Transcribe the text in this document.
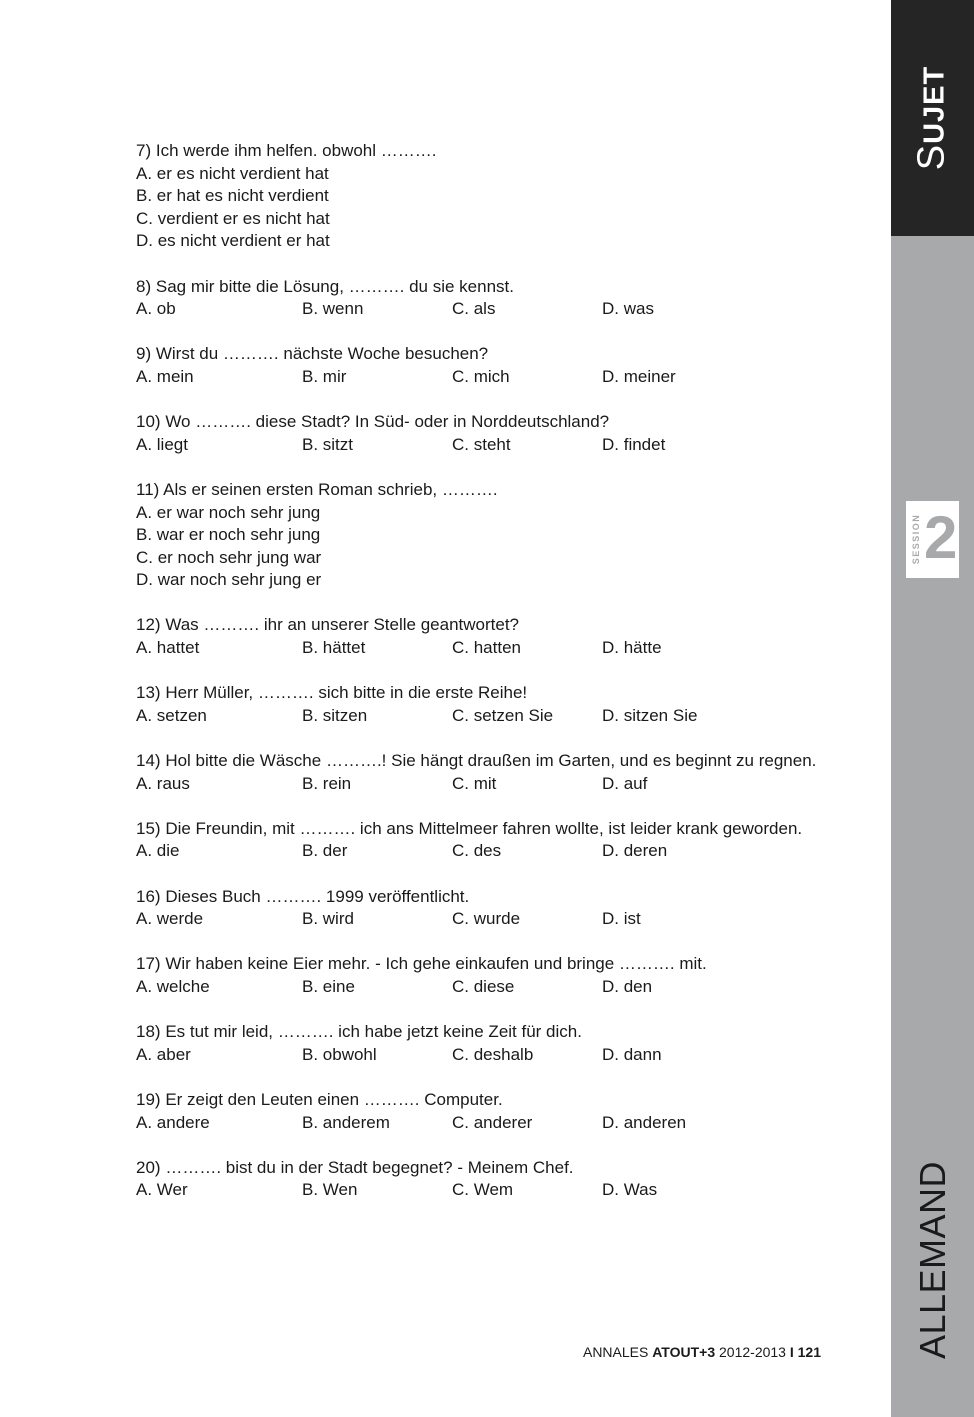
7) Ich werde ihm helfen. obwohl ……….
A. er es nicht verdient hat
B. er hat es nicht verdient
C. verdient er es nicht hat
D. es nicht verdient er hat
8) Sag mir bitte die Lösung, ………. du sie kennst.
A. ob	B. wenn	C. als	D. was
9) Wirst du ………. nächste Woche besuchen?
A. mein	B. mir	C. mich	D. meiner
10) Wo ………. diese Stadt? In Süd- oder in Norddeutschland?
A. liegt	B. sitzt	C. steht	D. findet
11) Als er seinen ersten Roman schrieb, ……….
A. er war noch sehr jung
B. war er noch sehr jung
C. er noch sehr jung war
D. war noch sehr jung er
12) Was ………. ihr an unserer Stelle geantwortet?
A. hattet	B. hättet	C. hatten	D. hätte
13) Herr Müller, ………. sich bitte in die erste Reihe!
A. setzen	B. sitzen	C. setzen Sie	D. sitzen Sie
14) Hol bitte die Wäsche ……….! Sie hängt draußen im Garten, und es beginnt zu regnen.
A. raus	B. rein	C. mit	D. auf
15) Die Freundin, mit ………. ich ans Mittelmeer fahren wollte, ist leider krank geworden.
A. die	B. der	C. des	D. deren
16) Dieses Buch ………. 1999 veröffentlicht.
A. werde	B. wird	C. wurde	D. ist
17) Wir haben keine Eier mehr. - Ich gehe einkaufen und bringe ………. mit.
A. welche	B. eine	C. diese	D. den
18) Es tut mir leid, ………. ich habe jetzt keine Zeit für dich.
A. aber	B. obwohl	C. deshalb	D. dann
19) Er zeigt den Leuten einen ………. Computer.
A. andere	B. anderem	C. anderer	D. anderen
20) ………. bist du in der Stadt begegnet? - Meinem Chef.
A. Wer	B. Wen	C. Wem	D. Was
SUJET
SESSION 2
ALLEMAND
ANNALES ATOUT+3 2012-2013 I 121
